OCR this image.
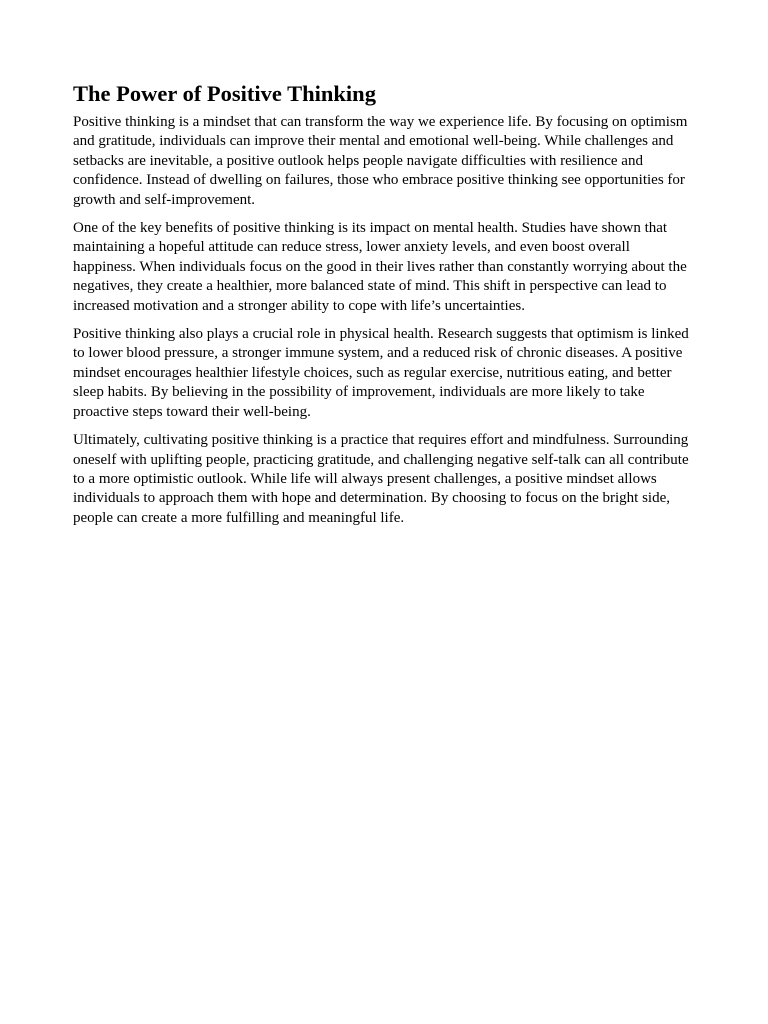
The Power of Positive Thinking

Positive thinking is a mindset that can transform the way we experience life. By focusing on optimism and gratitude, individuals can improve their mental and emotional well-being. While challenges and setbacks are inevitable, a positive outlook helps people navigate difficulties with resilience and confidence. Instead of dwelling on failures, those who embrace positive thinking see opportunities for growth and self-improvement.

One of the key benefits of positive thinking is its impact on mental health. Studies have shown that maintaining a hopeful attitude can reduce stress, lower anxiety levels, and even boost overall happiness. When individuals focus on the good in their lives rather than constantly worrying about the negatives, they create a healthier, more balanced state of mind. This shift in perspective can lead to increased motivation and a stronger ability to cope with life’s uncertainties.

Positive thinking also plays a crucial role in physical health. Research suggests that optimism is linked to lower blood pressure, a stronger immune system, and a reduced risk of chronic diseases. A positive mindset encourages healthier lifestyle choices, such as regular exercise, nutritious eating, and better sleep habits. By believing in the possibility of improvement, individuals are more likely to take proactive steps toward their well-being.

Ultimately, cultivating positive thinking is a practice that requires effort and mindfulness. Surrounding oneself with uplifting people, practicing gratitude, and challenging negative self-talk can all contribute to a more optimistic outlook. While life will always present challenges, a positive mindset allows individuals to approach them with hope and determination. By choosing to focus on the bright side, people can create a more fulfilling and meaningful life.
